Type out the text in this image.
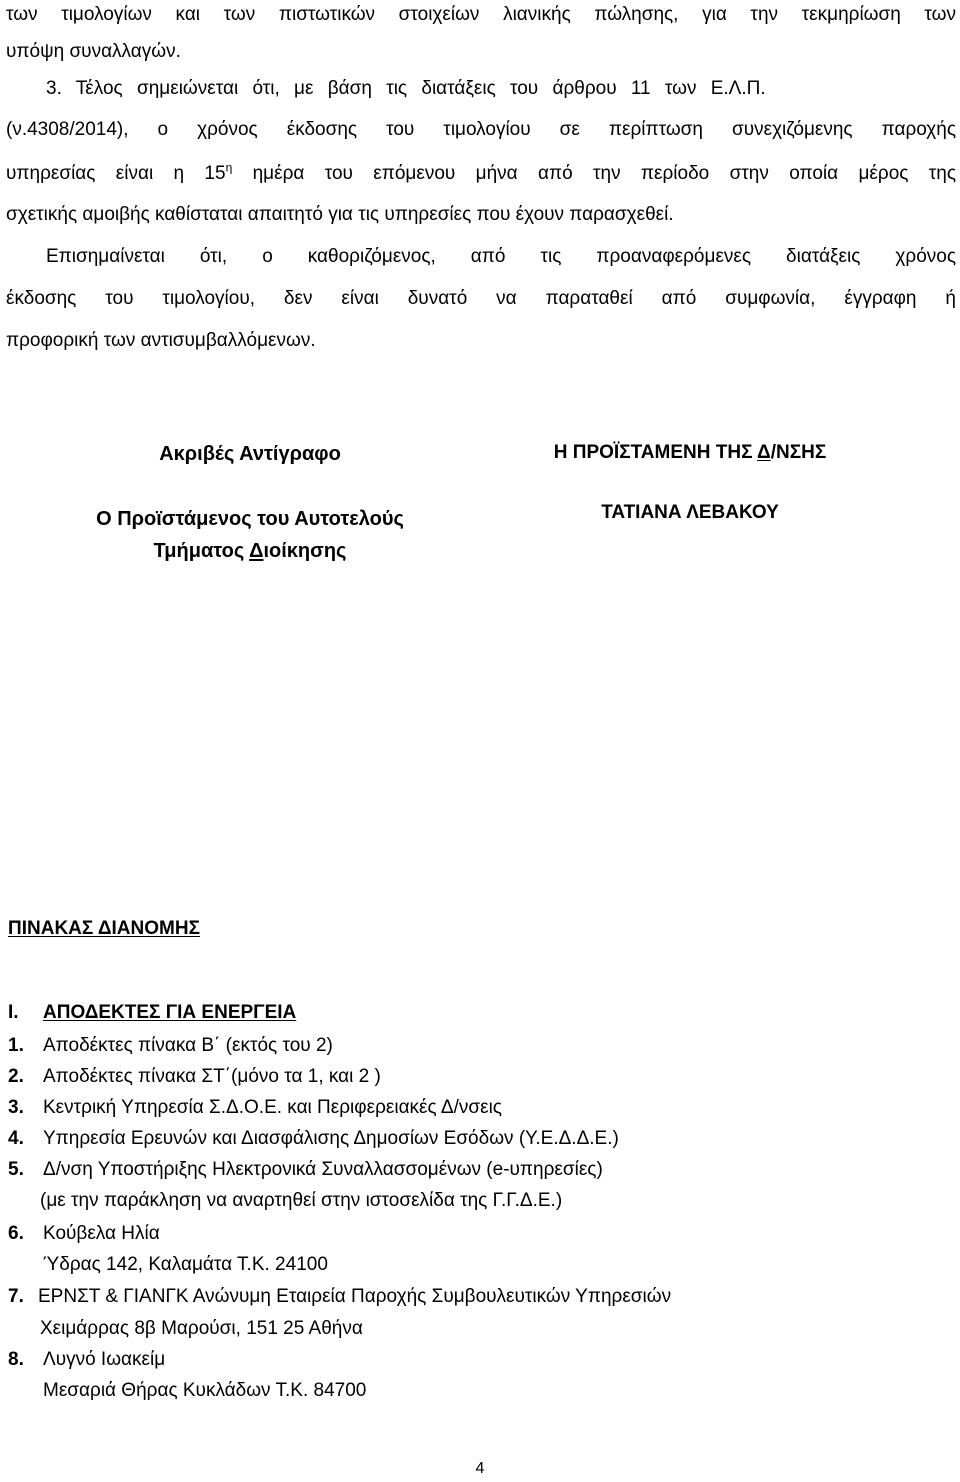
των τιμολογίων και των πιστωτικών στοιχείων λιανικής πώλησης, για την τεκμηρίωση των
υπόψη συναλλαγών.
3. Τέλος σημειώνεται ότι, με βάση τις διατάξεις του άρθρου 11 των Ε.Λ.Π.
(ν.4308/2014), ο χρόνος έκδοσης του τιμολογίου σε περίπτωση συνεχιζόμενης παροχής
υπηρεσίας είναι η $15^\eta$ ημέρα του επόμενου μήνα από την περίοδο στην οποία μέρος της
σχετικής αμοιβής καθίσταται απαιτητό για τις υπηρεσίες που έχουν παρασχεθεί.
Επισημαίνεται ότι, ο καθοριζόμενος, από τις προαναφερόμενες διατάξεις χρόνος
έκδοσης του τιμολογίου, δεν είναι δυνατό να παραταθεί από συμφωνία, έγγραφη ή
προφορική των αντισυμβαλλόμενων.
Ακριβές Αντίγραφο
Ο Προϊστάμενος του Αυτοτελούς
Τμήματος Διοίκησης
Η ΠΡΟΪΣΤΑΜΕΝΗ ΤΗΣ Δ/ΝΣΗΣ
ΤΑΤΙΑΝΑ ΛΕΒΑΚΟΥ
ΠΙΝΑΚΑΣ ΔΙΑΝΟΜΗΣ
I. ΑΠΟΔΕΚΤΕΣ ΓΙΑ ΕΝΕΡΓΕΙΑ
1. Αποδέκτες πίνακα Β΄ (εκτός του 2)
2. Αποδέκτες πίνακα ΣΤ΄(μόνο τα 1, και 2 )
3. Κεντρική Υπηρεσία Σ.Δ.Ο.Ε. και Περιφερειακές Δ/νσεις
4. Υπηρεσία Ερευνών και Διασφάλισης Δημοσίων Εσόδων (Υ.Ε.Δ.Δ.Ε.)
5. Δ/νση Υποστήριξης Ηλεκτρονικά Συναλλασσομένων (e-υπηρεσίες)
(με την παράκληση να αναρτηθεί στην ιστοσελίδα της Γ.Γ.Δ.Ε.)
6. Κούβελα Ηλία
Ύδρας 142, Καλαμάτα Τ.Κ. 24100
7. ΕΡΝΣΤ & ΓΙΑΝΓΚ Ανώνυμη Εταιρεία Παροχής Συμβουλευτικών Υπηρεσιών
Χειμάρρας 8β Μαρούσι, 151 25 Αθήνα
8. Λυγνό Ιωακείμ
Μεσαριά Θήρας Κυκλάδων Τ.Κ. 84700
4
